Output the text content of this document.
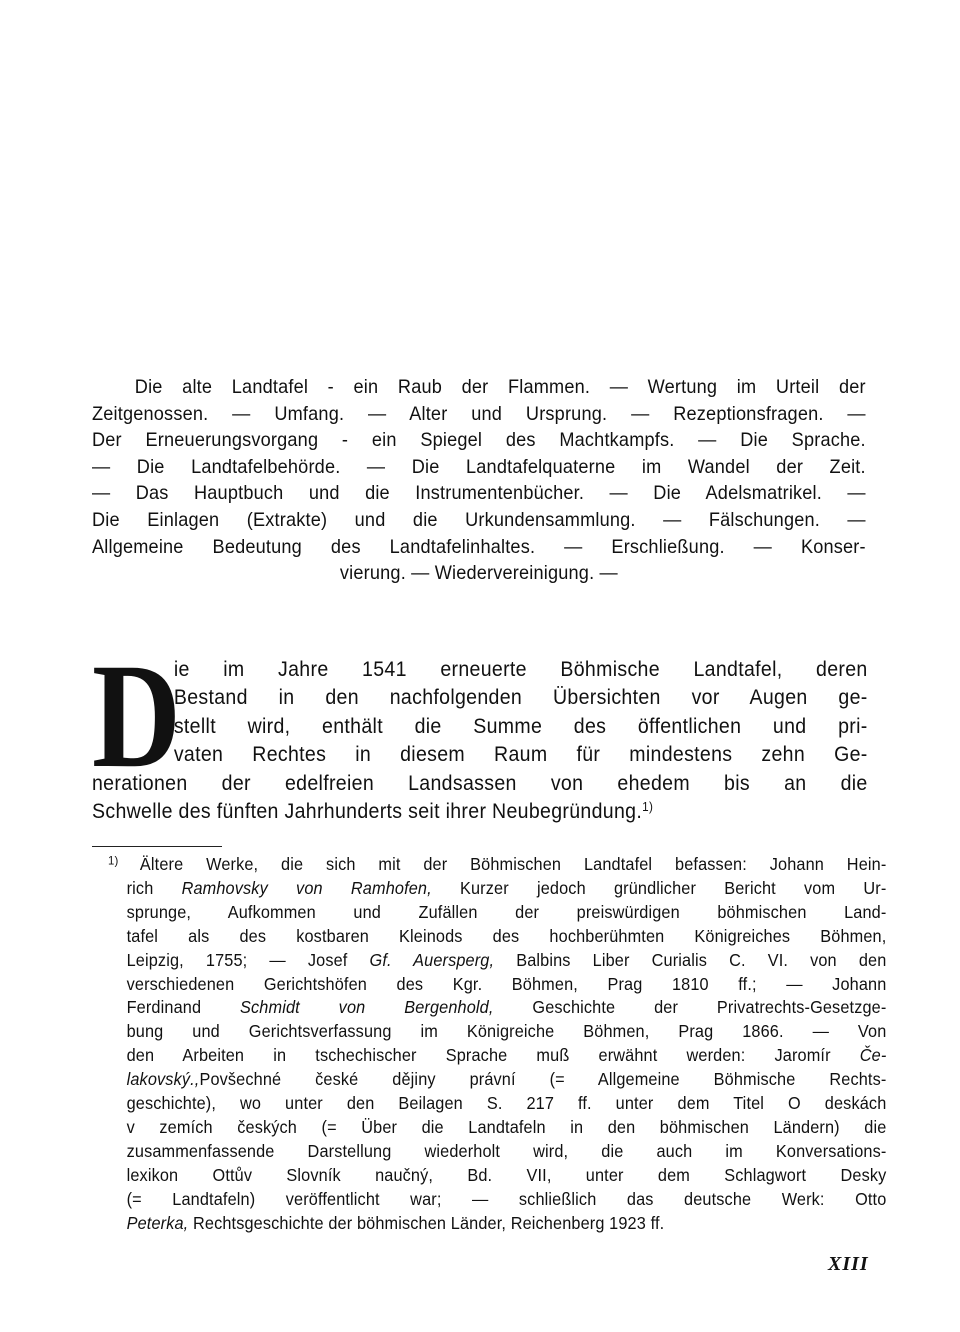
Die alte Landtafel - ein Raub der Flammen. — Wertung im Urteil der
Zeitgenossen. — Umfang. — Alter und Ursprung. — Rezeptionsfragen. —
Der Erneuerungsvorgang - ein Spiegel des Machtkampfs. — Die Sprache.
— Die Landtafelbehörde. — Die Landtafelquaterne im Wandel der Zeit.
— Das Hauptbuch und die Instrumentenbücher. — Die Adelsmatrikel. —
Die Einlagen (Extrakte) und die Urkundensammlung. — Fälschungen. —
Allgemeine Bedeutung des Landtafelinhaltes. — Erschließung. — Konser-
vierung. — Wiedervereinigung. —
D
ie im Jahre 1541 erneuerte Böhmische Landtafel, deren
Bestand in den nachfolgenden Übersichten vor Augen ge-
stellt wird, enthält die Summe des öffentlichen und pri-
vaten Rechtes in diesem Raum für mindestens zehn Ge-
nerationen der edelfreien Landsassen von ehedem bis an die
Schwelle des fünften Jahrhunderts seit ihrer Neubegründung.$^{1)}$
$^{1)}$ Ältere Werke, die sich mit der Böhmischen Landtafel befassen: Johann Hein-
rich Ramhovsky von Ramhofen, Kurzer jedoch gründlicher Bericht vom Ur-
sprunge, Aufkommen und Zufällen der preiswürdigen böhmischen Land-
tafel als des kostbaren Kleinods des hochberühmten Königreiches Böhmen,
Leipzig, 1755; — Josef Gf. Auersperg, Balbins Liber Curialis C. VI. von den
verschiedenen Gerichtshöfen des Kgr. Böhmen, Prag 1810 ff.; — Johann
Ferdinand Schmidt von Bergenhold, Geschichte der Privatrechts-Gesetzge-
bung und Gerichtsverfassung im Königreiche Böhmen, Prag 1866. — Von
den Arbeiten in tschechischer Sprache muß erwähnt werden: Jaromír Če-
lakovský.,Povšechné české dějiny právní (= Allgemeine Böhmische Rechts-
geschichte), wo unter den Beilagen S. 217 ff. unter dem Titel O deskách
v zemích českých (= Über die Landtafeln in den böhmischen Ländern) die
zusammenfassende Darstellung wiederholt wird, die auch im Konversations-
lexikon Ottův Slovník naučný, Bd. VII, unter dem Schlagwort Desky
(= Landtafeln) veröffentlicht war; — schließlich das deutsche Werk: Otto
Peterka, Rechtsgeschichte der böhmischen Länder, Reichenberg 1923 ff.
XIII
